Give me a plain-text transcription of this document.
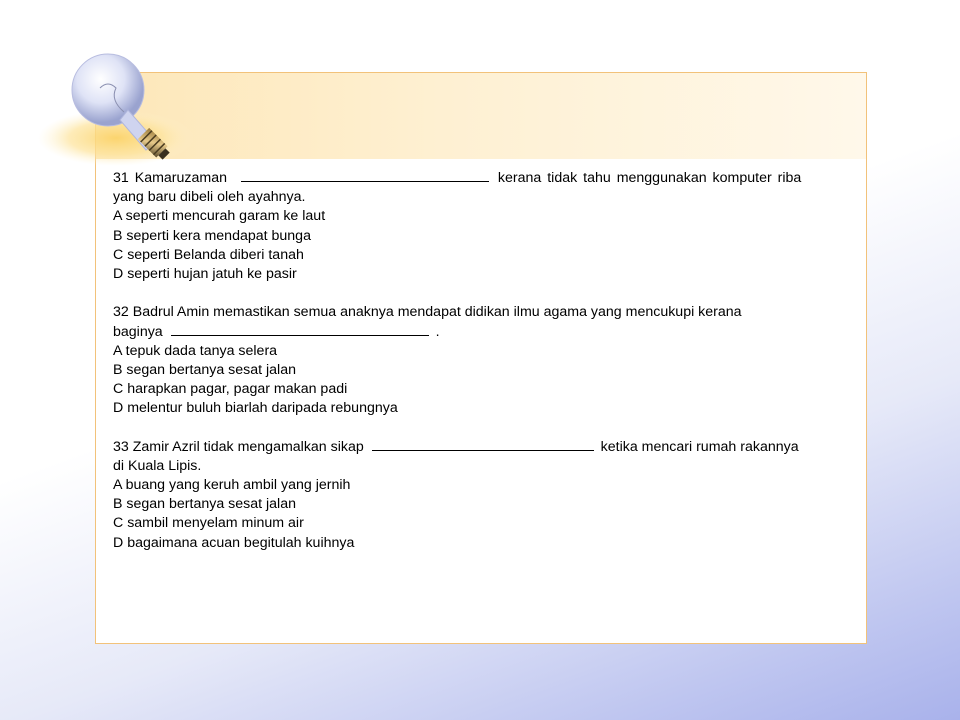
31 Kamaruzaman	kerana tidak tahu menggunakan komputer riba
yang baru dibeli oleh ayahnya.
A seperti mencurah garam ke laut
B seperti kera mendapat bunga
C seperti Belanda diberi tanah
D seperti hujan jatuh ke pasir
32 Badrul Amin memastikan semua anaknya mendapat didikan ilmu agama yang mencukupi kerana
baginya	.
A tepuk dada tanya selera
B segan bertanya sesat jalan
C harapkan pagar, pagar makan padi
D melentur buluh biarlah daripada rebungnya
33 Zamir Azril tidak mengamalkan sikap	ketika mencari rumah rakannya
di Kuala Lipis.
A buang yang keruh ambil yang jernih
B segan bertanya sesat jalan
C sambil menyelam minum air
D bagaimana acuan begitulah kuihnya
